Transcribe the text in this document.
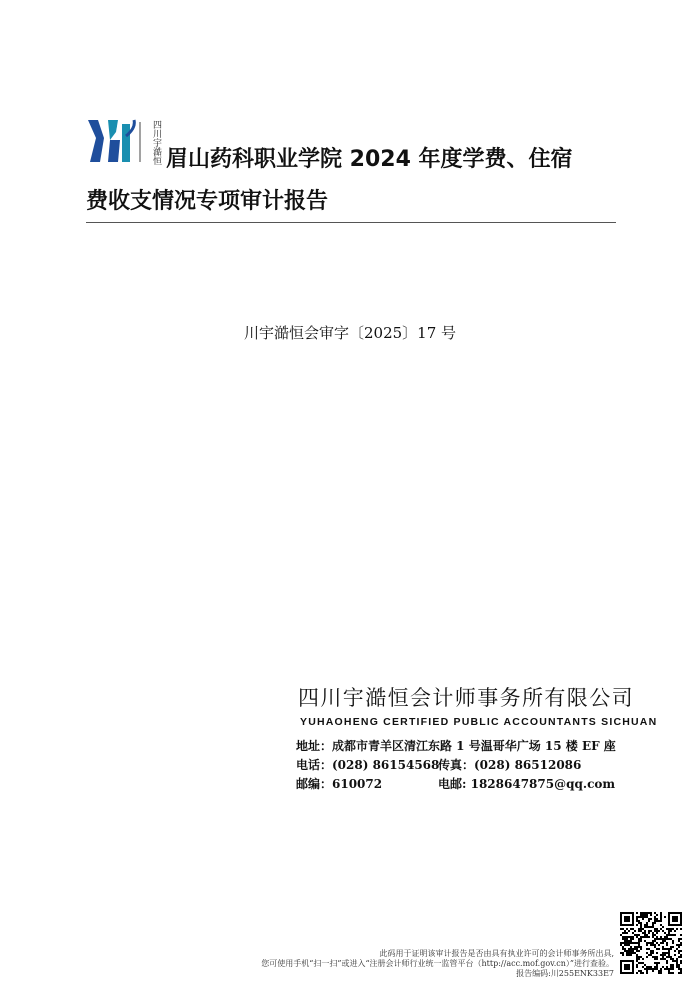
四川宇澔恒 眉山药科职业学院 2024 年度学费、住宿
费收支情况专项审计报告
川宇澔恒会审字〔2025〕17 号
四川宇澔恒会计师事务所有限公司
YUHAOHENG CERTIFIED PUBLIC ACCOUNTANTS SICHUAN
地址：成都市青羊区清江东路 1 号温哥华广场 15 楼 EF 座
电话：(028) 86154568
传真：(028) 86512086
邮编：610072	电邮: 1828647875@qq.com
此码用于证明该审计报告是否由具有执业许可的会计师事务所出具,
您可使用手机“扫一扫”或进入“注册会计师行业统一监管平台（http://acc.mof.gov.cn）”进行查验。
报告编码:川255ENK33E7
